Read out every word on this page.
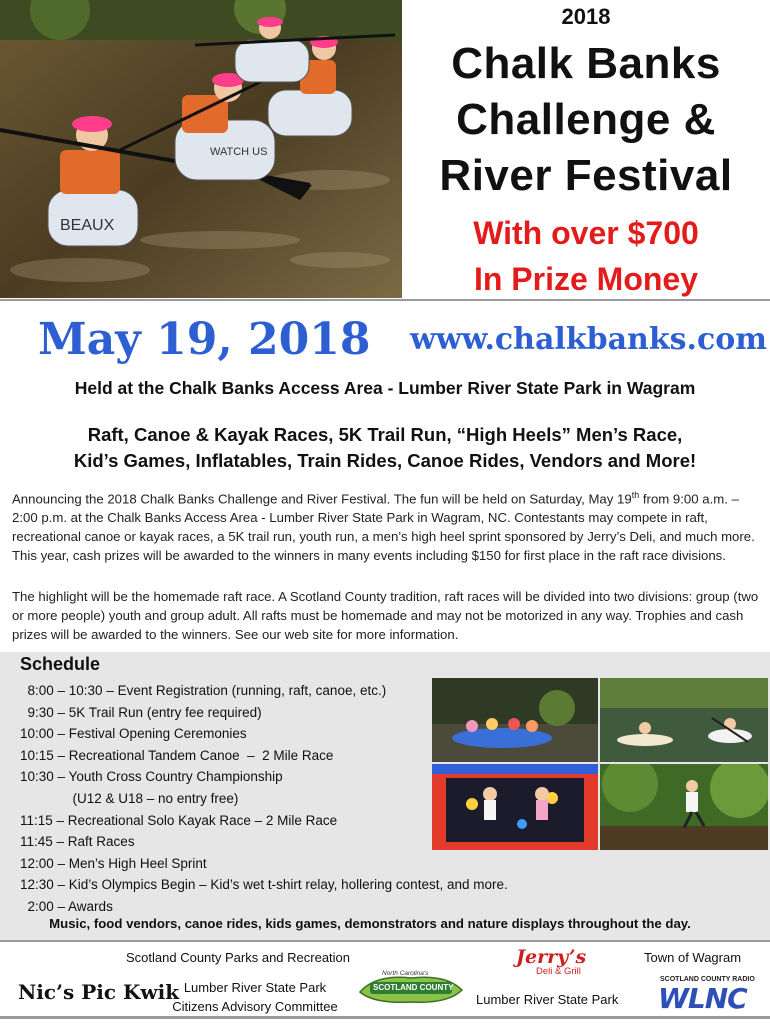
BEAUX
WATCH US
2018
Chalk Banks
Challenge &
River Festival
With over $700
In Prize Money
May 19, 2018 www.chalkbanks.com
Held at the Chalk Banks Access Area - Lumber River State Park in Wagram
Raft, Canoe & Kayak Races, 5K Trail Run, “High Heels” Men’s Race,
Kid’s Games, Inflatables, Train Rides, Canoe Rides, Vendors and More!
Announcing the 2018 Chalk Banks Challenge and River Festival. The fun will be held on Saturday, May 19th from 9:00 a.m. – 2:00 p.m. at the Chalk Banks Access Area - Lumber River State Park in Wagram, NC. Contestants may compete in raft, recreational canoe or kayak races, a 5K trail run, youth run, a men’s high heel sprint sponsored by Jerry’s Deli, and much more. This year, cash prizes will be awarded to the winners in many events including $150 for first place in the raft race divisions.
The highlight will be the homemade raft race. A Scotland County tradition, raft races will be divided into two divisions: group (two or more people) youth and group adult. All rafts must be homemade and may not be motorized in any way. Trophies and cash prizes will be awarded to the winners. See our web site for more information.
Schedule
8:00 – 10:30 – Event Registration (running, raft, canoe, etc.)
9:30 – 5K Trail Run (entry fee required)
10:00 – Festival Opening Ceremonies
10:15 – Recreational Tandem Canoe  –  2 Mile Race
10:30 – Youth Cross Country Championship
(U12 & U18 – no entry free)
11:15 – Recreational Solo Kayak Race – 2 Mile Race
11:45 – Raft Races
12:00 – Men’s High Heel Sprint
12:30 – Kid’s Olympics Begin – Kid’s wet t-shirt relay, hollering contest, and more.
2:00 – Awards
Music, food vendors, canoe rides, kids games, demonstrators and nature displays throughout the day.
Scotland County Parks and Recreation	Town of Wagram
Lumber River State Park
Citizens Advisory Committee	Lumber River State Park
Nic’s Pic Kwik
Jerry’s
Deli & Grill
North Carolina's
SCOTLAND COUNTY
SCOTLAND COUNTY RADIO
WLNC
